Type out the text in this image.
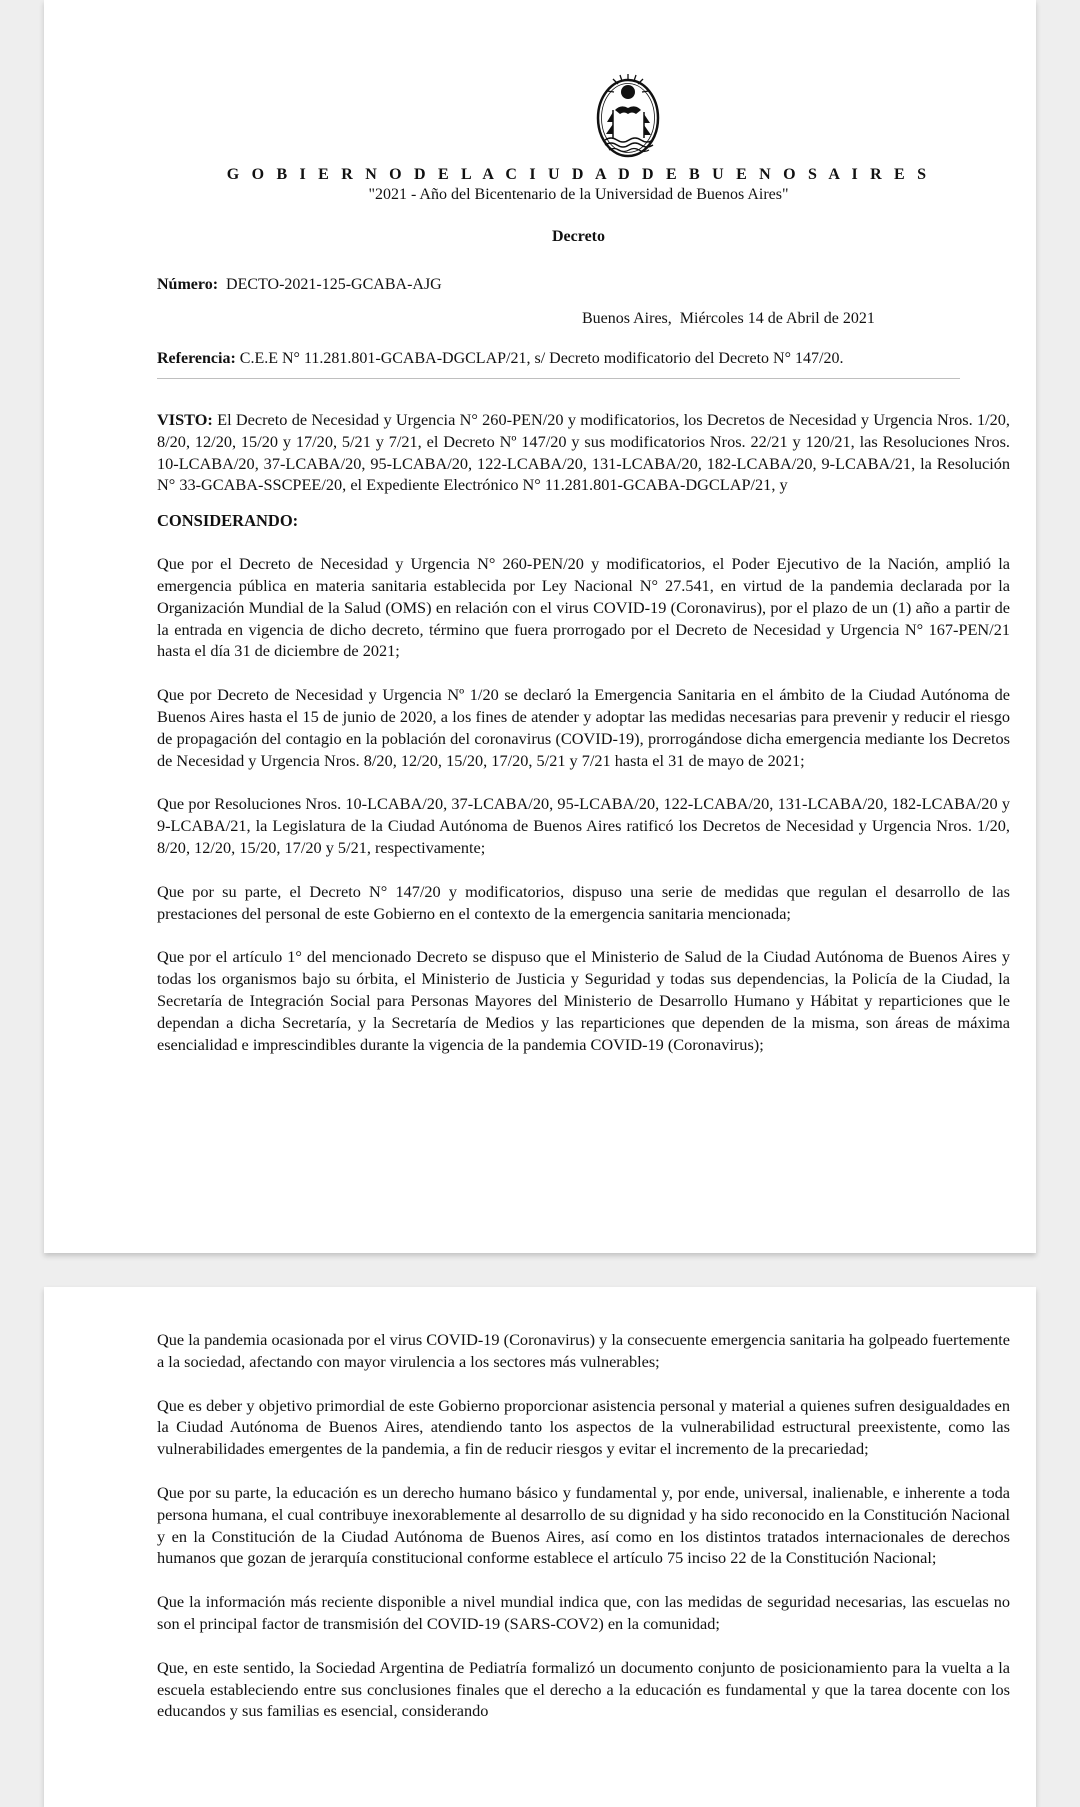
G O B I E R N O D E L A C I U D A D D E B U E N O S A I R E S
"2021 - Año del Bicentenario de la Universidad de Buenos Aires"
Decreto
Número: DECTO-2021-125-GCABA-AJG
Buenos Aires, Miércoles 14 de Abril de 2021
Referencia: C.E.E N° 11.281.801-GCABA-DGCLAP/21, s/ Decreto modificatorio del Decreto N° 147/20.

VISTO: El Decreto de Necesidad y Urgencia N° 260-PEN/20 y modificatorios, los Decretos de Necesidad y Urgencia Nros. 1/20, 8/20, 12/20, 15/20 y 17/20, 5/21 y 7/21, el Decreto Nº 147/20 y sus modificatorios Nros. 22/21 y 120/21, las Resoluciones Nros. 10-LCABA/20, 37-LCABA/20, 95-LCABA/20, 122-LCABA/20, 131-LCABA/20, 182-LCABA/20, 9-LCABA/21, la Resolución N° 33-GCABA-SSCPEE/20, el Expediente Electrónico N° 11.281.801-GCABA-DGCLAP/21, y

CONSIDERANDO:

Que por el Decreto de Necesidad y Urgencia N° 260-PEN/20 y modificatorios, el Poder Ejecutivo de la Nación, amplió la emergencia pública en materia sanitaria establecida por Ley Nacional N° 27.541, en virtud de la pandemia declarada por la Organización Mundial de la Salud (OMS) en relación con el virus COVID-19 (Coronavirus), por el plazo de un (1) año a partir de la entrada en vigencia de dicho decreto, término que fuera prorrogado por el Decreto de Necesidad y Urgencia N° 167-PEN/21 hasta el día 31 de diciembre de 2021;

Que por Decreto de Necesidad y Urgencia Nº 1/20 se declaró la Emergencia Sanitaria en el ámbito de la Ciudad Autónoma de Buenos Aires hasta el 15 de junio de 2020, a los fines de atender y adoptar las medidas necesarias para prevenir y reducir el riesgo de propagación del contagio en la población del coronavirus (COVID-19), prorrogándose dicha emergencia mediante los Decretos de Necesidad y Urgencia Nros. 8/20, 12/20, 15/20, 17/20, 5/21 y 7/21 hasta el 31 de mayo de 2021;

Que por Resoluciones Nros. 10-LCABA/20, 37-LCABA/20, 95-LCABA/20, 122-LCABA/20, 131-LCABA/20, 182-LCABA/20 y 9-LCABA/21, la Legislatura de la Ciudad Autónoma de Buenos Aires ratificó los Decretos de Necesidad y Urgencia Nros. 1/20, 8/20, 12/20, 15/20, 17/20 y 5/21, respectivamente;

Que por su parte, el Decreto N° 147/20 y modificatorios, dispuso una serie de medidas que regulan el desarrollo de las prestaciones del personal de este Gobierno en el contexto de la emergencia sanitaria mencionada;

Que por el artículo 1° del mencionado Decreto se dispuso que el Ministerio de Salud de la Ciudad Autónoma de Buenos Aires y todas los organismos bajo su órbita, el Ministerio de Justicia y Seguridad y todas sus dependencias, la Policía de la Ciudad, la Secretaría de Integración Social para Personas Mayores del Ministerio de Desarrollo Humano y Hábitat y reparticiones que le dependan a dicha Secretaría, y la Secretaría de Medios y las reparticiones que dependen de la misma, son áreas de máxima esencialidad e imprescindibles durante la vigencia de la pandemia COVID-19 (Coronavirus);

Que la pandemia ocasionada por el virus COVID-19 (Coronavirus) y la consecuente emergencia sanitaria ha golpeado fuertemente a la sociedad, afectando con mayor virulencia a los sectores más vulnerables;

Que es deber y objetivo primordial de este Gobierno proporcionar asistencia personal y material a quienes sufren desigualdades en la Ciudad Autónoma de Buenos Aires, atendiendo tanto los aspectos de la vulnerabilidad estructural preexistente, como las vulnerabilidades emergentes de la pandemia, a fin de reducir riesgos y evitar el incremento de la precariedad;

Que por su parte, la educación es un derecho humano básico y fundamental y, por ende, universal, inalienable, e inherente a toda persona humana, el cual contribuye inexorablemente al desarrollo de su dignidad y ha sido reconocido en la Constitución Nacional y en la Constitución de la Ciudad Autónoma de Buenos Aires, así como en los distintos tratados internacionales de derechos humanos que gozan de jerarquía constitucional conforme establece el artículo 75 inciso 22 de la Constitución Nacional;

Que la información más reciente disponible a nivel mundial indica que, con las medidas de seguridad necesarias, las escuelas no son el principal factor de transmisión del COVID-19 (SARS-COV2) en la comunidad;

Que, en este sentido, la Sociedad Argentina de Pediatría formalizó un documento conjunto de posicionamiento para la vuelta a la escuela estableciendo entre sus conclusiones finales que el derecho a la educación es fundamental y que la tarea docente con los educandos y sus familias es esencial, considerando
